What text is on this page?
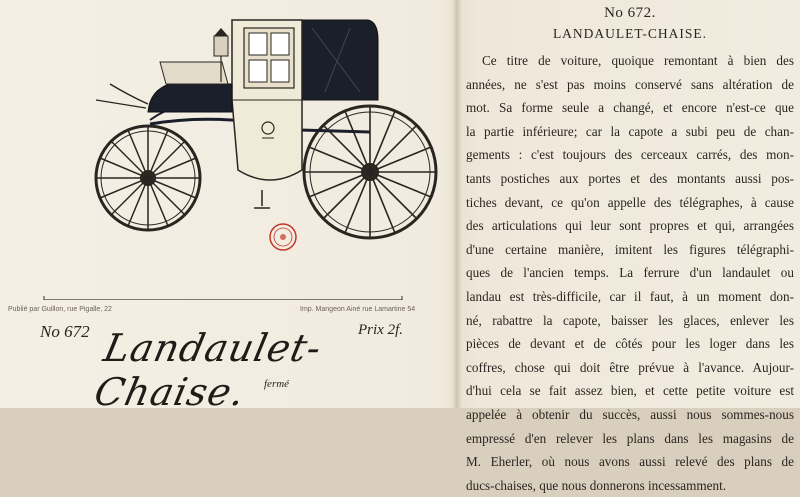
Publié par Guillon, rue Pigalle, 22	Imp. Mangeon Ainé rue Lamartine 54
No 672 Landaulet-Chaise.
Prix 2f.
fermé
No 672.
LANDAULET-CHAISE.
Ce titre de voiture, quoique remontant à bien des
années, ne s'est pas moins conservé sans altération de
mot. Sa forme seule a changé, et encore n'est-ce que
la partie inférieure; car la capote a subi peu de chan-
gements : c'est toujours des cerceaux carrés, des mon-
tants postiches aux portes et des montants aussi pos-
tiches devant, ce qu'on appelle des télégraphes, à cause
des articulations qui leur sont propres et qui, arrangées
d'une certaine manière, imitent les figures télégraphi-
ques de l'ancien temps. La ferrure d'un landaulet ou
landau est très-difficile, car il faut, à un moment don-
né, rabattre la capote, baisser les glaces, enlever les
pièces de devant et de côtés pour les loger dans les
coffres, chose qui doit être prévue à l'avance. Aujour-
d'hui cela se fait assez bien, et cette petite voiture est
appelée à obtenir du succès, aussi nous sommes-nous
empressé d'en relever les plans dans les magasins de
M. Eherler, où nous avons aussi relevé des plans de
ducs-chaises, que nous donnerons incessamment.
